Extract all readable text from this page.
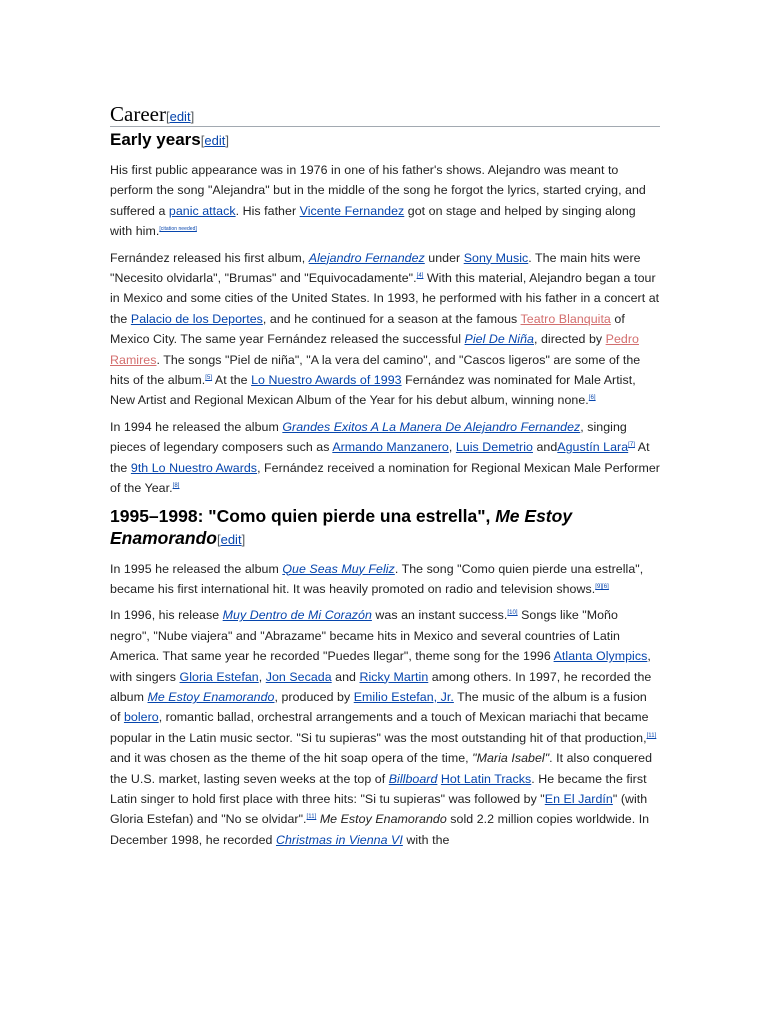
Career[edit]
Early years[edit]

His first public appearance was in 1976 in one of his father's shows. Alejandro was meant to perform the song "Alejandra" but in the middle of the song he forgot the lyrics, started crying, and suffered a panic attack. His father Vicente Fernandez got on stage and helped by singing along with him.[citation needed]

Fernández released his first album, Alejandro Fernandez under Sony Music. The main hits were "Necesito olvidarla", "Brumas" and "Equivocadamente".[4] With this material, Alejandro began a tour in Mexico and some cities of the United States. In 1993, he performed with his father in a concert at the Palacio de los Deportes, and he continued for a season at the famous Teatro Blanquita of Mexico City. The same year Fernández released the successful Piel De Niña, directed by Pedro Ramires. The songs "Piel de niña", "A la vera del camino", and "Cascos ligeros" are some of the hits of the album.[5] At the Lo Nuestro Awards of 1993 Fernández was nominated for Male Artist, New Artist and Regional Mexican Album of the Year for his debut album, winning none.[6]

In 1994 he released the album Grandes Exitos A La Manera De Alejandro Fernandez, singing pieces of legendary composers such as Armando Manzanero, Luis Demetrio andAgustín Lara[7] At the 9th Lo Nuestro Awards, Fernández received a nomination for Regional Mexican Male Performer of the Year.[8]

1995–1998: "Como quien pierde una estrella", Me Estoy Enamorando[edit]

In 1995 he released the album Que Seas Muy Feliz. The song "Como quien pierde una estrella", became his first international hit. It was heavily promoted on radio and television shows.[9][6]

In 1996, his release Muy Dentro de Mi Corazón was an instant success.[10] Songs like "Moño negro", "Nube viajera" and "Abrazame" became hits in Mexico and several countries of Latin America. That same year he recorded "Puedes llegar", theme song for the 1996 Atlanta Olympics, with singers Gloria Estefan, Jon Secada and Ricky Martin among others. In 1997, he recorded the album Me Estoy Enamorando, produced by Emilio Estefan, Jr. The music of the album is a fusion of bolero, romantic ballad, orchestral arrangements and a touch of Mexican mariachi that became popular in the Latin music sector. "Si tu supieras" was the most outstanding hit of that production,[11] and it was chosen as the theme of the hit soap opera of the time, "Maria Isabel". It also conquered the U.S. market, lasting seven weeks at the top of Billboard Hot Latin Tracks. He became the first Latin singer to hold first place with three hits: "Si tu supieras" was followed by "En El Jardín" (with Gloria Estefan) and "No se olvidar".[11] Me Estoy Enamorando sold 2.2 million copies worldwide. In December 1998, he recorded Christmas in Vienna VI with the
